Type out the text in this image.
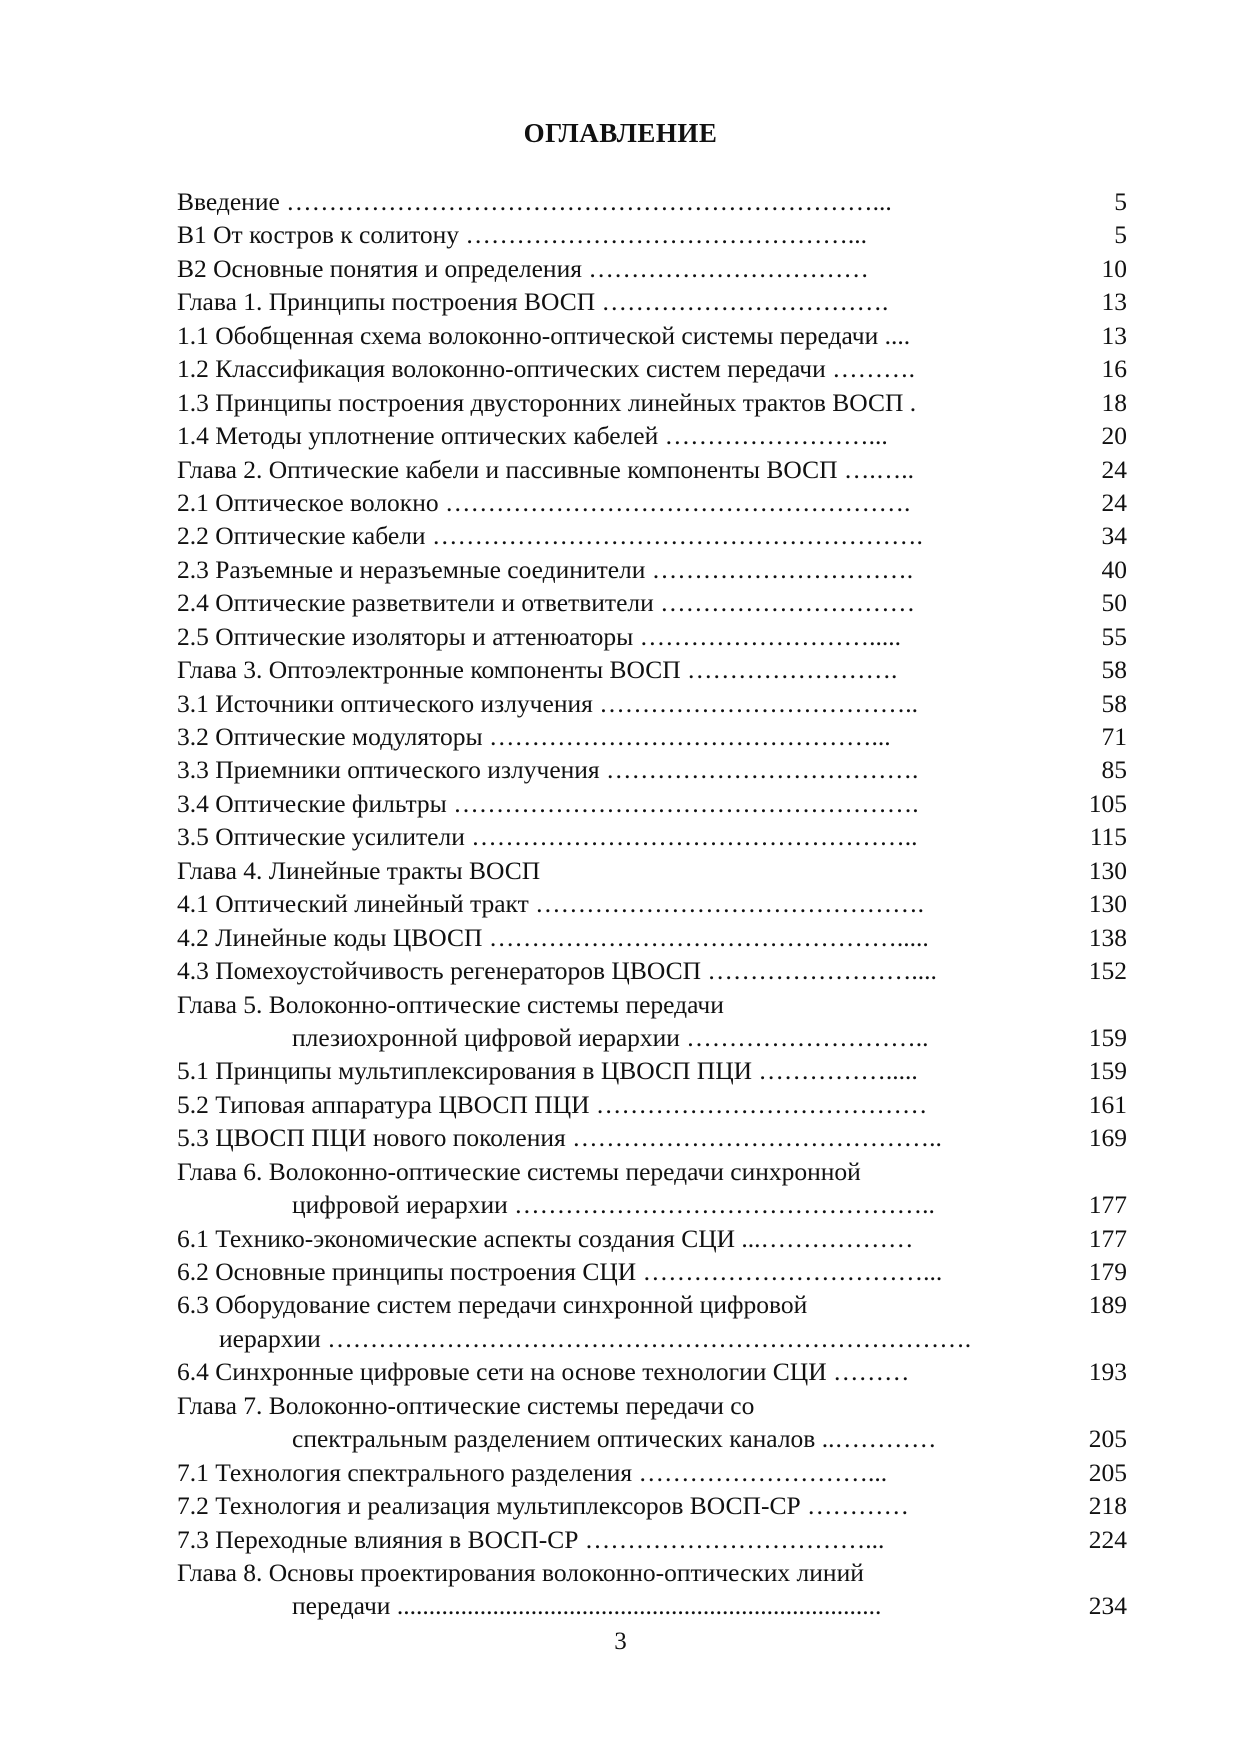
ОГЛАВЛЕНИЕ
Введение ……………………………………………………………...	5
В1 От костров к солитону ………………………………………...	5
В2 Основные понятия и определения ……………………………	10
Глава 1. Принципы построения ВОСП …………………………….	13
1.1 Обобщенная схема волоконно-оптической системы передачи ....	13
1.2 Классификация волоконно-оптических систем передачи ……….	16
1.3 Принципы построения двусторонних линейных трактов ВОСП .	18
1.4 Методы уплотнение оптических кабелей ……………………...	20
Глава 2. Оптические кабели и пассивные компоненты ВОСП ….…..	24
2.1 Оптическое волокно ……………………………………………….	24
2.2 Оптические кабели ………………………………………………….	34
2.3 Разъемные и неразъемные соединители ………………………….	40
2.4 Оптические разветвители и ответвители …………………………	50
2.5 Оптические изоляторы и аттенюаторы ……………………….....	55
Глава 3. Оптоэлектронные компоненты ВОСП …………………….	58
3.1 Источники оптического излучения ………………………………..	58
3.2 Оптические модуляторы ………………………………………...	71
3.3 Приемники оптического излучения ……………………………….	85
3.4 Оптические фильтры ……………………………………………….	105
3.5 Оптические усилители ……………………………………………..	115
Глава 4. Линейные тракты ВОСП	130
4.1 Оптический линейный тракт ……………………………………….	130
4.2 Линейные коды ЦВОСП ………………………………………….....	138
4.3 Помехоустойчивость регенераторов ЦВОСП ……………………....	152
Глава 5. Волоконно-оптические системы передачи
плезиохронной цифровой иерархии ………………………..	159
5.1 Принципы мультиплексирования в ЦВОСП ПЦИ …………….....	159
5.2 Типовая аппаратура ЦВОСП ПЦИ …………………………………	161
5.3 ЦВОСП ПЦИ нового поколения ……………………………………..	169
Глава 6. Волоконно-оптические системы передачи синхронной
цифровой иерархии …………………………………………..	177
6.1 Технико-экономические аспекты создания СЦИ ...………………	177
6.2 Основные принципы построения СЦИ ……………………………...	179
6.3 Оборудование систем передачи синхронной цифровой	189
иерархии ………………………………………………………………….
6.4 Синхронные цифровые сети на основе технологии СЦИ ………	193
Глава 7. Волоконно-оптические системы передачи со
спектральным разделением оптических каналов ..…………	205
7.1 Технология спектрального разделения ………………………...	205
7.2 Технология и реализация мультиплексоров ВОСП-СР …………	218
7.3 Переходные влияния в ВОСП-СР ……………………………...	224
Глава 8. Основы проектирования волоконно-оптических линий
передачи ............................................................................	234
3
